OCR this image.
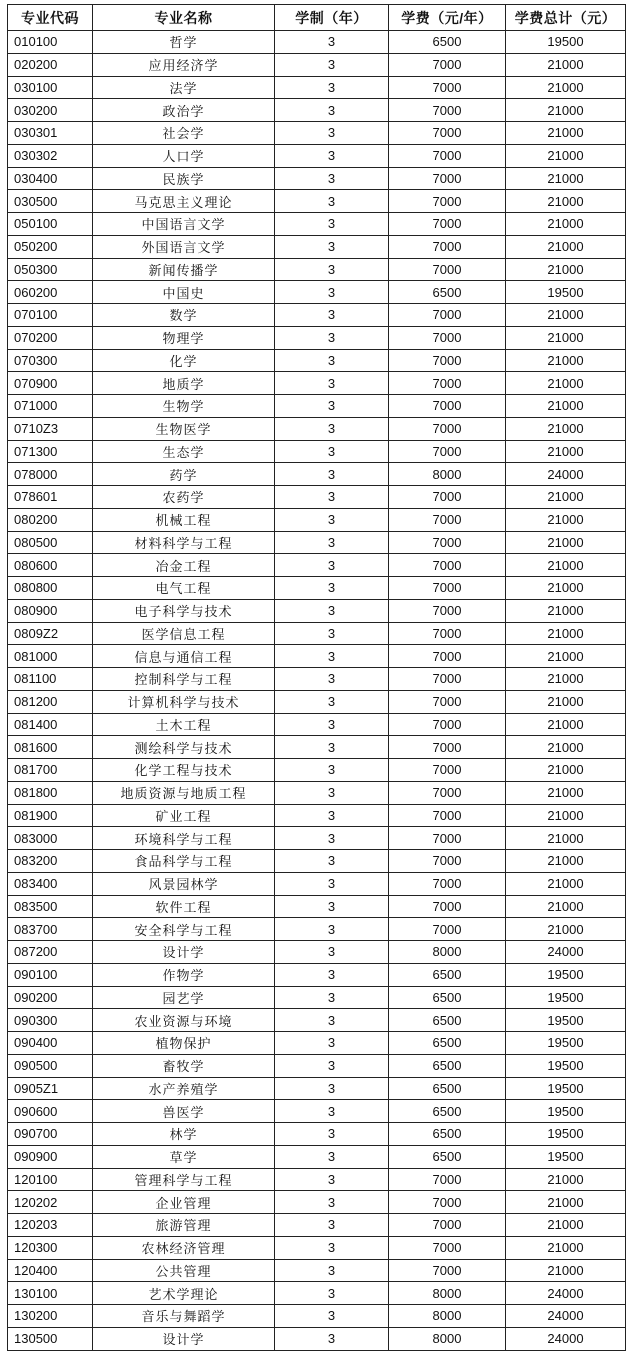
专业代码	专业名称	学制（年）	学费（元/年）	学费总计（元）
010100	哲学	3	6500	19500
020200	应用经济学	3	7000	21000
030100	法学	3	7000	21000
030200	政治学	3	7000	21000
030301	社会学	3	7000	21000
030302	人口学	3	7000	21000
030400	民族学	3	7000	21000
030500	马克思主义理论	3	7000	21000
050100	中国语言文学	3	7000	21000
050200	外国语言文学	3	7000	21000
050300	新闻传播学	3	7000	21000
060200	中国史	3	6500	19500
070100	数学	3	7000	21000
070200	物理学	3	7000	21000
070300	化学	3	7000	21000
070900	地质学	3	7000	21000
071000	生物学	3	7000	21000
0710Z3	生物医学	3	7000	21000
071300	生态学	3	7000	21000
078000	药学	3	8000	24000
078601	农药学	3	7000	21000
080200	机械工程	3	7000	21000
080500	材料科学与工程	3	7000	21000
080600	冶金工程	3	7000	21000
080800	电气工程	3	7000	21000
080900	电子科学与技术	3	7000	21000
0809Z2	医学信息工程	3	7000	21000
081000	信息与通信工程	3	7000	21000
081100	控制科学与工程	3	7000	21000
081200	计算机科学与技术	3	7000	21000
081400	土木工程	3	7000	21000
081600	测绘科学与技术	3	7000	21000
081700	化学工程与技术	3	7000	21000
081800	地质资源与地质工程	3	7000	21000
081900	矿业工程	3	7000	21000
083000	环境科学与工程	3	7000	21000
083200	食品科学与工程	3	7000	21000
083400	风景园林学	3	7000	21000
083500	软件工程	3	7000	21000
083700	安全科学与工程	3	7000	21000
087200	设计学	3	8000	24000
090100	作物学	3	6500	19500
090200	园艺学	3	6500	19500
090300	农业资源与环境	3	6500	19500
090400	植物保护	3	6500	19500
090500	畜牧学	3	6500	19500
0905Z1	水产养殖学	3	6500	19500
090600	兽医学	3	6500	19500
090700	林学	3	6500	19500
090900	草学	3	6500	19500
120100	管理科学与工程	3	7000	21000
120202	企业管理	3	7000	21000
120203	旅游管理	3	7000	21000
120300	农林经济管理	3	7000	21000
120400	公共管理	3	7000	21000
130100	艺术学理论	3	8000	24000
130200	音乐与舞蹈学	3	8000	24000
130500	设计学	3	8000	24000
